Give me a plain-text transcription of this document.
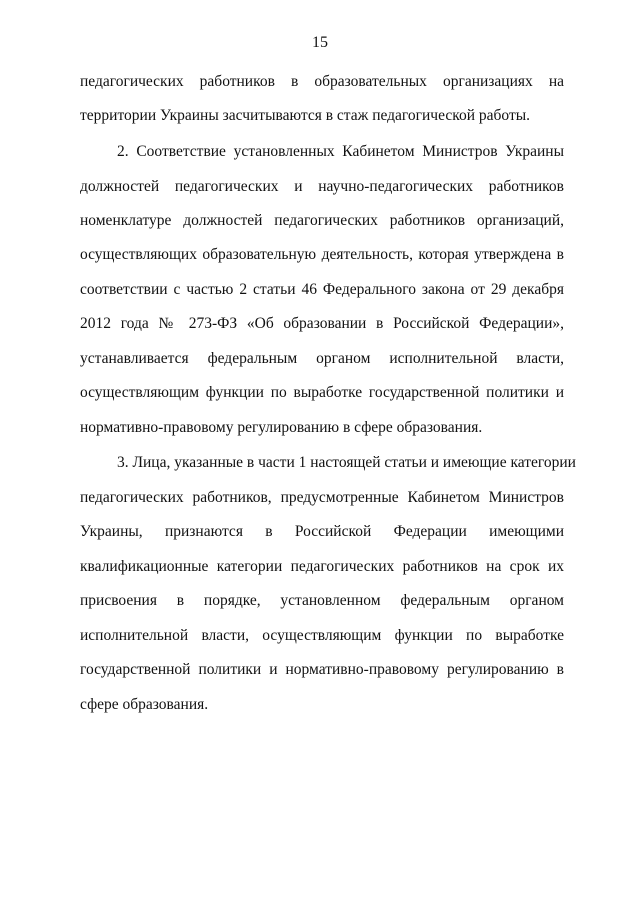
15
педагогических работников в образовательных организациях на
территории Украины засчитываются в стаж педагогической работы.
2. Соответствие установленных Кабинетом Министров Украины
должностей педагогических и научно-педагогических работников
номенклатуре должностей педагогических работников организаций,
осуществляющих образовательную деятельность, которая утверждена в
соответствии с частью 2 статьи 46 Федерального закона от 29 декабря
2012 года № 273-ФЗ «Об образовании в Российской Федерации»,
устанавливается федеральным органом исполнительной власти,
осуществляющим функции по выработке государственной политики и
нормативно-правовому регулированию в сфере образования.
3. Лица, указанные в части 1 настоящей статьи и имеющие категории
педагогических работников, предусмотренные Кабинетом Министров
Украины, признаются в Российской Федерации имеющими
квалификационные категории педагогических работников на срок их
присвоения в порядке, установленном федеральным органом
исполнительной власти, осуществляющим функции по выработке
государственной политики и нормативно-правовому регулированию в
сфере образования.
